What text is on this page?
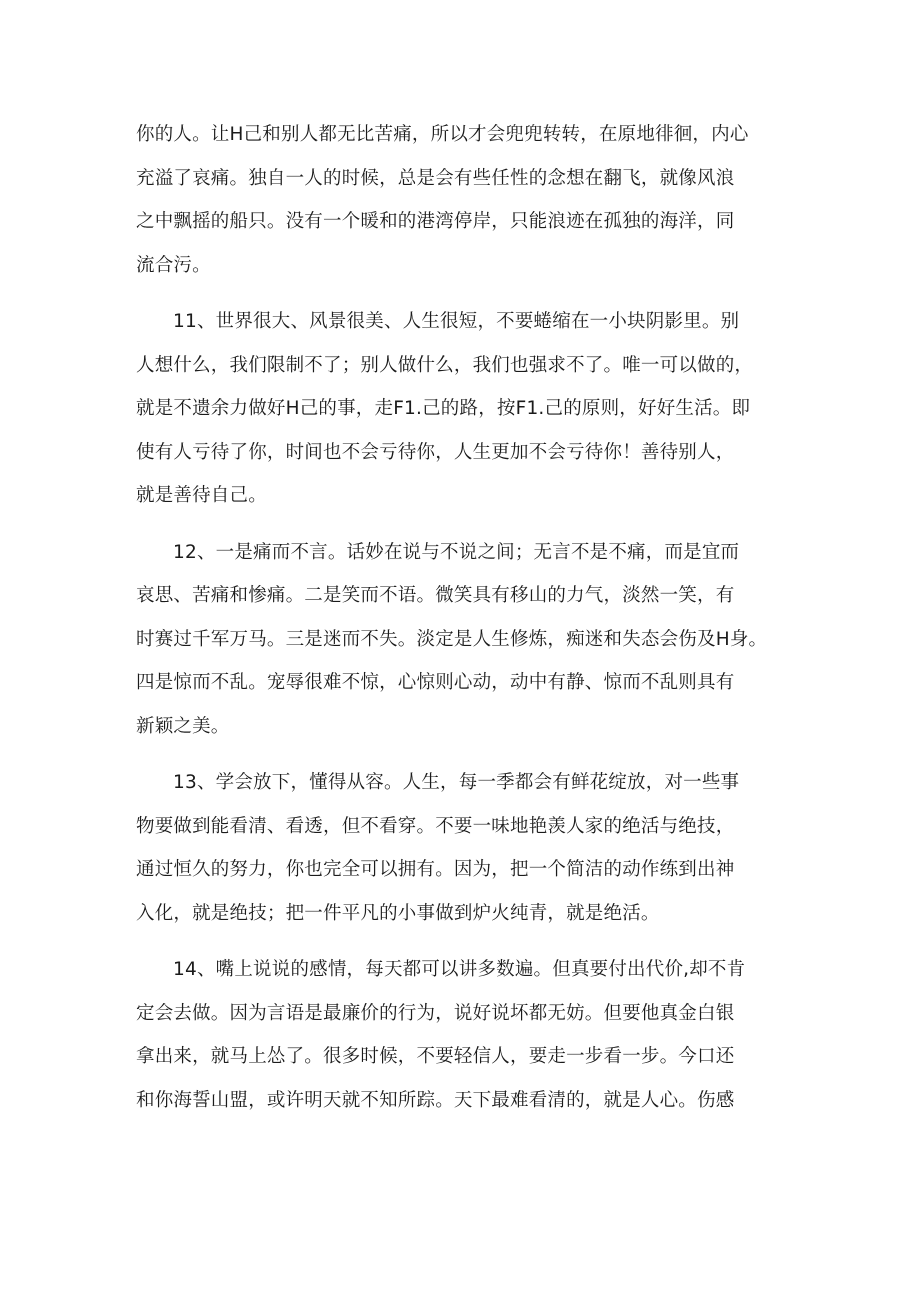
你的人。让H己和别人都无比苦痛，所以才会兜兜转转，在原地徘徊，内心
充溢了哀痛。独自一人的时候，总是会有些任性的念想在翻飞，就像风浪
之中飘摇的船只。没有一个暖和的港湾停岸，只能浪迹在孤独的海洋，同
流合污。
11、世界很大、风景很美、人生很短，不要蜷缩在一小块阴影里。别
人想什么，我们限制不了；别人做什么，我们也强求不了。唯一可以做的，
就是不遗余力做好H己的事，走F1.己的路，按F1.己的原则，好好生活。即
使有人亏待了你，时间也不会亏待你，人生更加不会亏待你！善待别人，
就是善待自己。
12、一是痛而不言。话妙在说与不说之间；无言不是不痛，而是宜而
哀思、苦痛和惨痛。二是笑而不语。微笑具有移山的力气，淡然一笑，有
时赛过千军万马。三是迷而不失。淡定是人生修炼，痴迷和失态会伤及H身。
四是惊而不乱。宠辱很难不惊，心惊则心动，动中有静、惊而不乱则具有
新颖之美。
13、学会放下，懂得从容。人生，每一季都会有鲜花绽放，对一些事
物要做到能看清、看透，但不看穿。不要一味地艳羡人家的绝活与绝技，
通过恒久的努力，你也完全可以拥有。因为，把一个简洁的动作练到出神
入化，就是绝技；把一件平凡的小事做到炉火纯青，就是绝活。
14、嘴上说说的感情，每天都可以讲多数遍。但真要付出代价,却不肯
定会去做。因为言语是最廉价的行为，说好说坏都无妨。但要他真金白银
拿出来，就马上怂了。很多时候，不要轻信人，要走一步看一步。今口还
和你海誓山盟，或许明天就不知所踪。天下最难看清的，就是人心。伤感
